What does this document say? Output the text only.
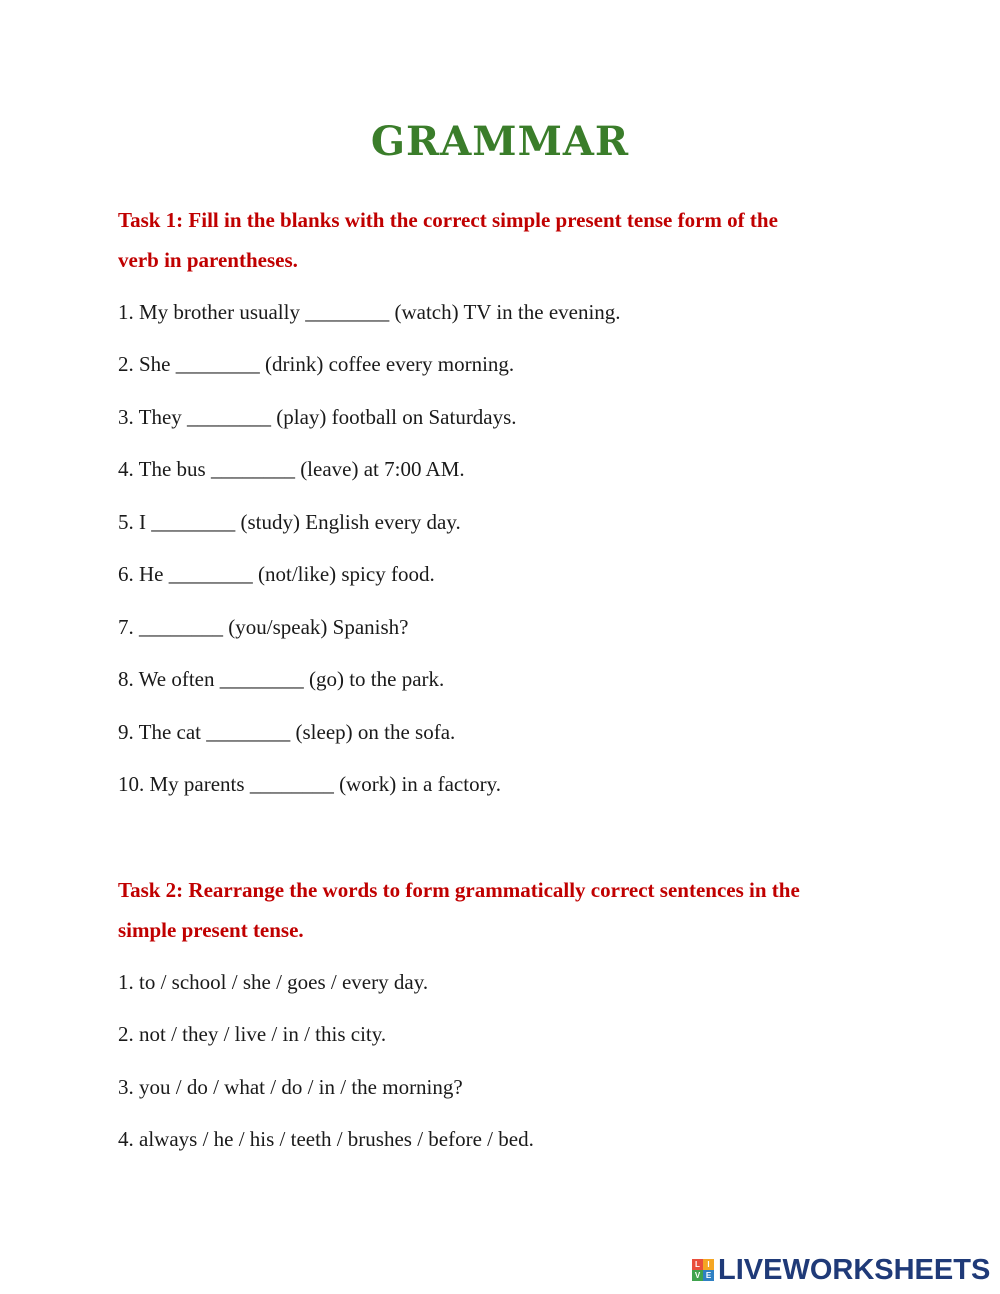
GRAMMAR
Task 1: Fill in the blanks with the correct simple present tense form of the
verb in parentheses.
1. My brother usually ________ (watch) TV in the evening.
2. She ________ (drink) coffee every morning.
3. They ________ (play) football on Saturdays.
4. The bus ________ (leave) at 7:00 AM.
5. I ________ (study) English every day.
6. He ________ (not/like) spicy food.
7. ________ (you/speak) Spanish?
8. We often ________ (go) to the park.
9. The cat ________ (sleep) on the sofa.
10. My parents ________ (work) in a factory.
Task 2: Rearrange the words to form grammatically correct sentences in the
simple present tense.
1. to / school / she / goes / every day.
2. not / they / live / in / this city.
3. you / do / what / do / in / the morning?
4. always / he / his / teeth / brushes / before / bed.
L I
V E LIVEWORKSHEETS
